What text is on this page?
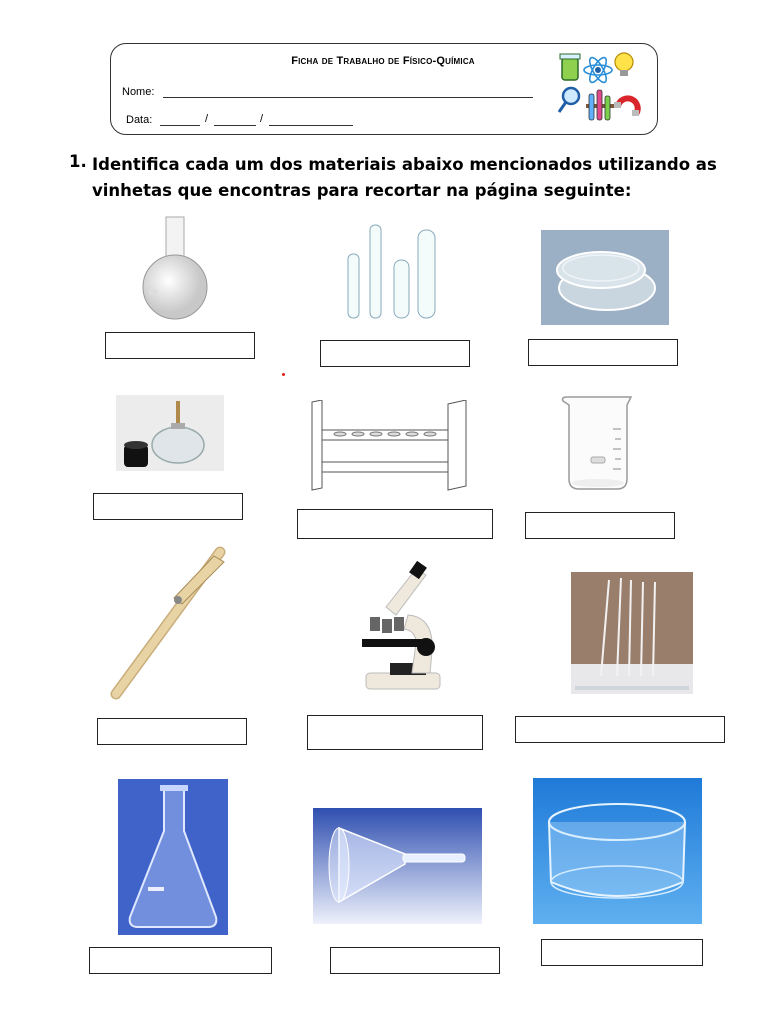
Ficha de Trabalho de Físico-Química
Nome:
Data:	/	/
1. Identifica cada um dos materiais abaixo mencionados utilizando as vinhetas que encontras para recortar na página seguinte:
